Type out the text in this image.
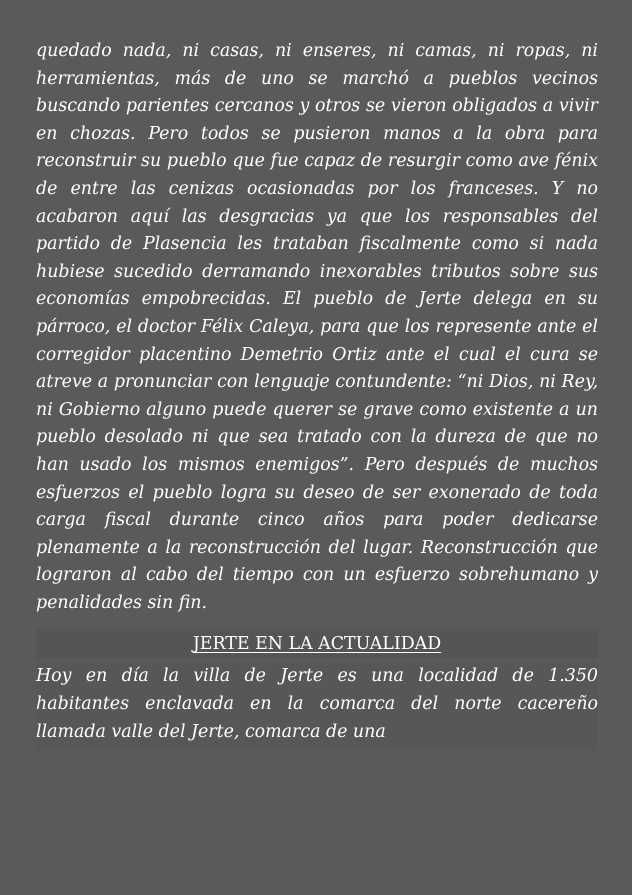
quedado nada, ni casas, ni enseres, ni camas, ni ropas, ni herramientas, más de uno se marchó a pueblos vecinos buscando parientes cercanos y otros se vieron obligados a vivir en chozas. Pero todos se pusieron manos a la obra para reconstruir su pueblo que fue capaz de resurgir como ave fénix de entre las cenizas ocasionadas por los franceses. Y no acabaron aquí las desgracias ya que los responsables del partido de Plasencia les trataban fiscalmente como si nada hubiese sucedido derramando inexorables tributos sobre sus economías empobrecidas. El pueblo de Jerte delega en su párroco, el doctor Félix Caleya, para que los represente ante el corregidor placentino Demetrio Ortiz ante el cual el cura se atreve a pronunciar con lenguaje contundente: “ni Dios, ni Rey, ni Gobierno alguno puede querer se grave como existente a un pueblo desolado ni que sea tratado con la dureza de que no han usado los mismos enemigos”. Pero después de muchos esfuerzos el pueblo logra su deseo de ser exonerado de toda carga fiscal durante cinco años para poder dedicarse plenamente a la reconstrucción del lugar. Reconstrucción que lograron al cabo del tiempo con un esfuerzo sobrehumano y penalidades sin fin.

JERTE EN LA ACTUALIDAD

Hoy en día la villa de Jerte es una localidad de 1.350 habitantes enclavada en la comarca del norte cacereño llamada valle del Jerte, comarca de una
